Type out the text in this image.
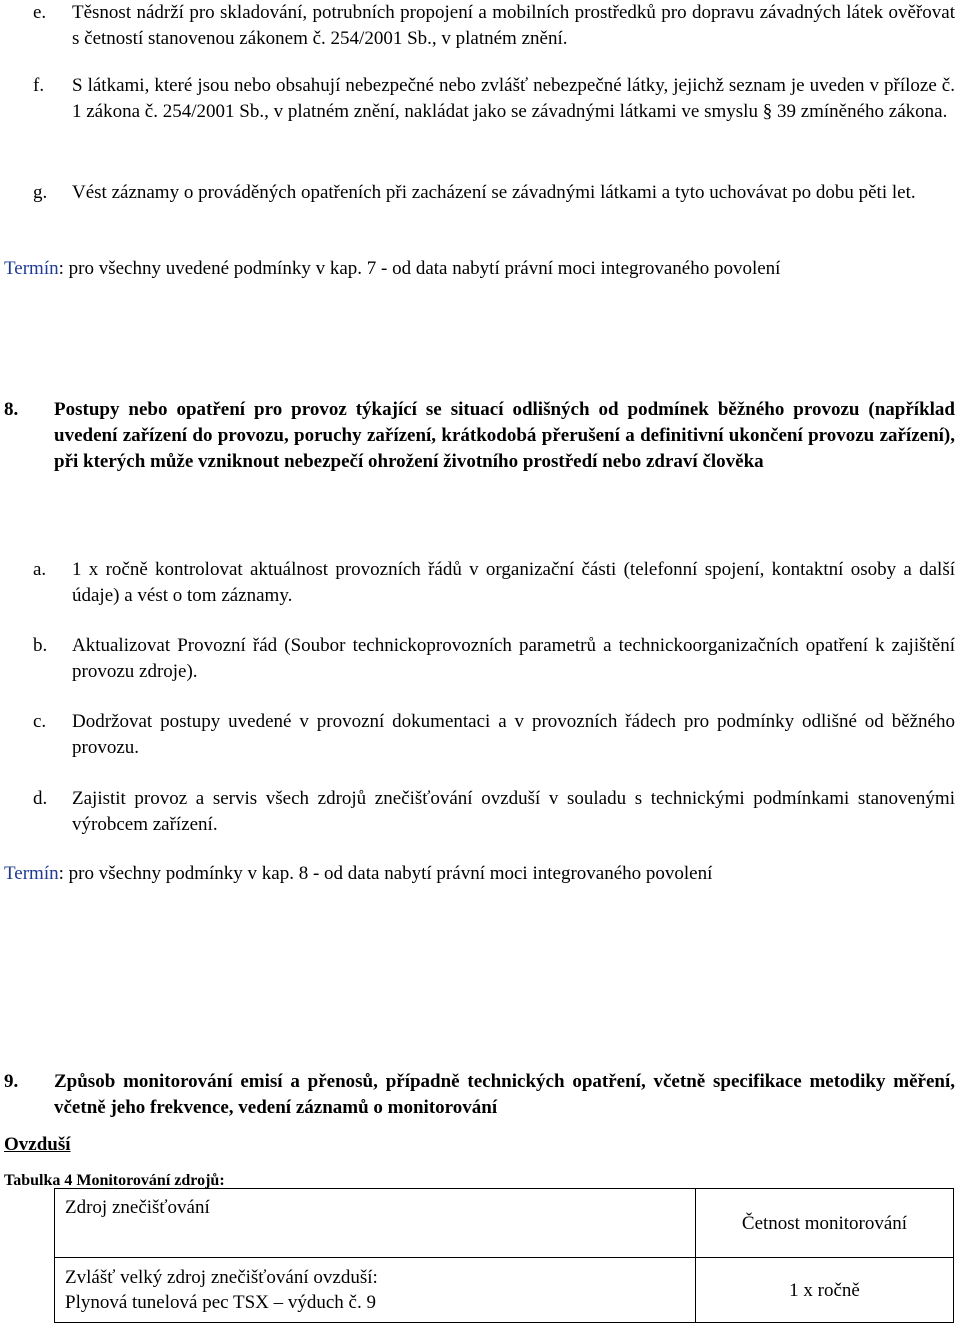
e. Těsnost nádrží pro skladování, potrubních propojení a mobilních prostředků pro dopravu závadných látek ověřovat s četností stanovenou zákonem č. 254/2001 Sb., v platném znění.
f. S látkami, které jsou nebo obsahují nebezpečné nebo zvlášť nebezpečné látky, jejichž seznam je uveden v příloze č. 1 zákona č. 254/2001 Sb., v platném znění, nakládat jako se závadnými látkami ve smyslu § 39 zmíněného zákona.
g. Vést záznamy o prováděných opatřeních při zacházení se závadnými látkami a tyto uchovávat po dobu pěti let.
Termín: pro všechny uvedené podmínky v kap. 7 - od data nabytí právní moci integrovaného povolení
8. Postupy nebo opatření pro provoz týkající se situací odlišných od podmínek běžného provozu (například uvedení zařízení do provozu, poruchy zařízení, krátkodobá přerušení a definitivní ukončení provozu zařízení), při kterých může vzniknout nebezpečí ohrožení životního prostředí nebo zdraví člověka
a. 1 x ročně kontrolovat aktuálnost provozních řádů v organizační části (telefonní spojení, kontaktní osoby a další údaje) a vést o tom záznamy.
b. Aktualizovat Provozní řád (Soubor technickoprovozních parametrů a technickoorganizačních opatření k zajištění provozu zdroje).
c. Dodržovat postupy uvedené v provozní dokumentaci a v provozních řádech pro podmínky odlišné od běžného provozu.
d. Zajistit provoz a servis všech zdrojů znečišťování ovzduší v souladu s technickými podmínkami stanovenými výrobcem zařízení.
Termín: pro všechny podmínky v kap. 8 - od data nabytí právní moci integrovaného povolení
9. Způsob monitorování emisí a přenosů, případně technických opatření, včetně specifikace metodiky měření, včetně jeho frekvence, vedení záznamů o monitorování
Ovzduší
Tabulka 4 Monitorování zdrojů:
Zdroj znečišťování	Četnost monitorování

Zvlášť velký zdroj znečišťování ovzduší:
Plynová tunelová pec TSX – výduch č. 9	1 x ročně
